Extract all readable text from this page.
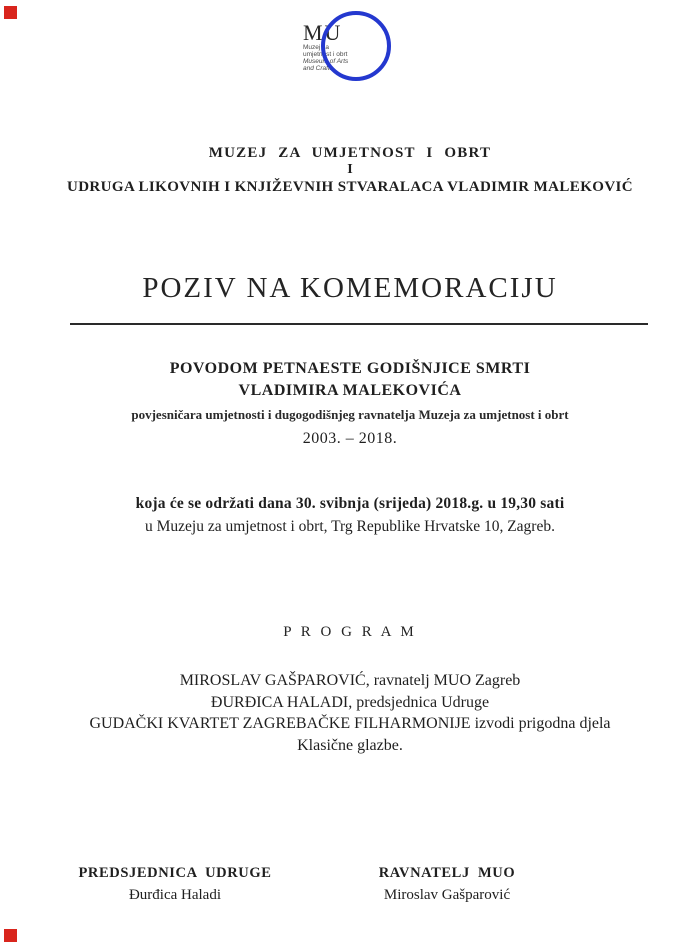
MU
Muzej za
umjetnost i obrt
Museum of Arts
and Crafts
MUZEJ ZA UMJETNOST I OBRT
I
UDRUGA LIKOVNIH I KNJIŽEVNIH STVARALACA VLADIMIR MALEKOVIĆ
POZIV NA KOMEMORACIJU
POVODOM PETNAESTE GODIŠNJICE SMRTI
VLADIMIRA MALEKOVIĆA
povjesničara umjetnosti i dugogodišnjeg ravnatelja Muzeja za umjetnost i obrt
2003. – 2018.
koja će se održati dana 30. svibnja (srijeda) 2018.g. u 19,30 sati
u Muzeju za umjetnost i obrt, Trg Republike Hrvatske 10, Zagreb.
P R O G R A M
MIROSLAV GAŠPAROVIĆ, ravnatelj MUO Zagreb
ĐURĐICA HALADI, predsjednica Udruge
GUDAČKI KVARTET ZAGREBAČKE FILHARMONIJE izvodi prigodna djela
Klasične glazbe.
PREDSJEDNICA UDRUGE
Đurđica Haladi
RAVNATELJ MUO
Miroslav Gašparović
